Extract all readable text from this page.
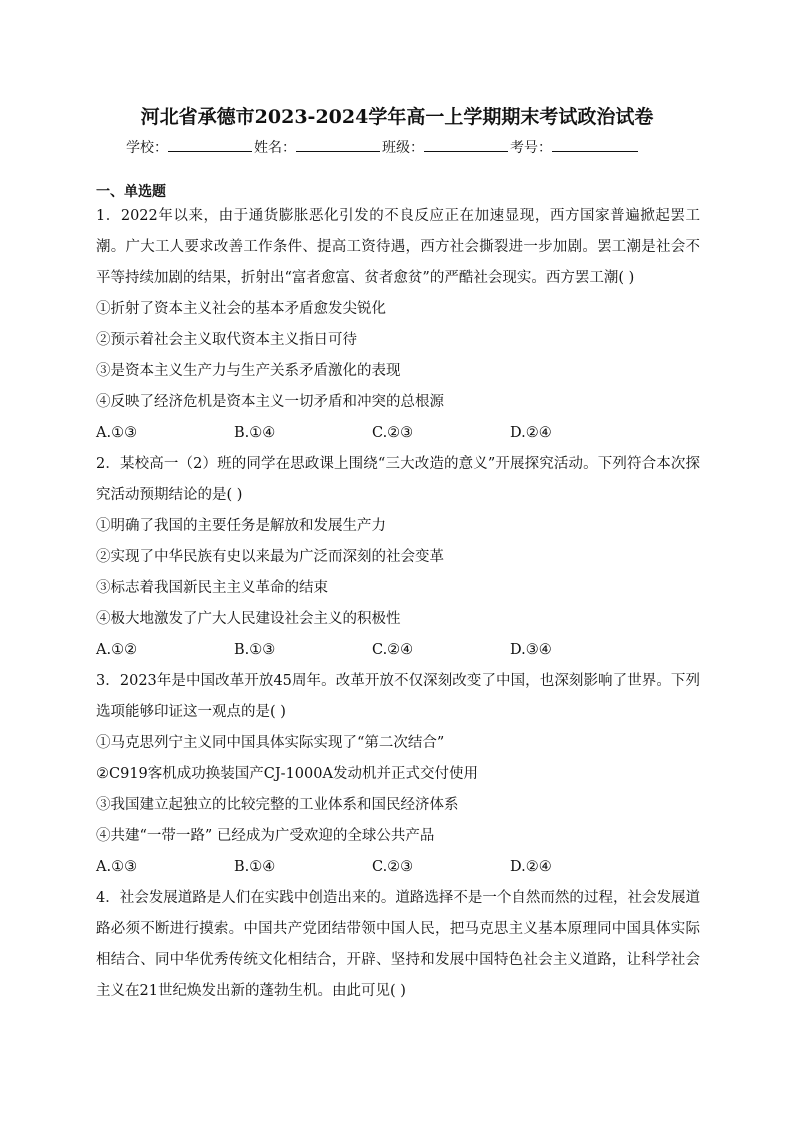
河北省承德市2023-2024学年高一上学期期末考试政治试卷
学校：	姓名：	班级：	考号：
一、单选题

1．2022年以来，由于通货膨胀恶化引发的不良反应正在加速显现，西方国家普遍掀起罢工潮。广大工人要求改善工作条件、提高工资待遇，西方社会撕裂进一步加剧。罢工潮是社会不平等持续加剧的结果，折射出“富者愈富、贫者愈贫”的严酷社会现实。西方罢工潮( )

①折射了资本主义社会的基本矛盾愈发尖锐化

②预示着社会主义取代资本主义指日可待

③是资本主义生产力与生产关系矛盾激化的表现

④反映了经济危机是资本主义一切矛盾和冲突的总根源

A.①③	B.①④	C.②③	D.②④

2．某校高一（2）班的同学在思政课上围绕“三大改造的意义”开展探究活动。下列符合本次探究活动预期结论的是( )

①明确了我国的主要任务是解放和发展生产力

②实现了中华民族有史以来最为广泛而深刻的社会变革

③标志着我国新民主主义革命的结束

④极大地激发了广大人民建设社会主义的积极性

A.①②	B.①③	C.②④	D.③④

3．2023年是中国改革开放45周年。改革开放不仅深刻改变了中国，也深刻影响了世界。下列选项能够印证这一观点的是( )

①马克思列宁主义同中国具体实际实现了“第二次结合”

②C919客机成功换装国产CJ-1000A发动机并正式交付使用

③我国建立起独立的比较完整的工业体系和国民经济体系

④共建“一带一路” 已经成为广受欢迎的全球公共产品

A.①③	B.①④	C.②③	D.②④

4．社会发展道路是人们在实践中创造出来的。道路选择不是一个自然而然的过程，社会发展道路必须不断进行摸索。中国共产党团结带领中国人民，把马克思主义基本原理同中国具体实际相结合、同中华优秀传统文化相结合，开辟、坚持和发展中国特色社会主义道路，让科学社会主义在21世纪焕发出新的蓬勃生机。由此可见( )
